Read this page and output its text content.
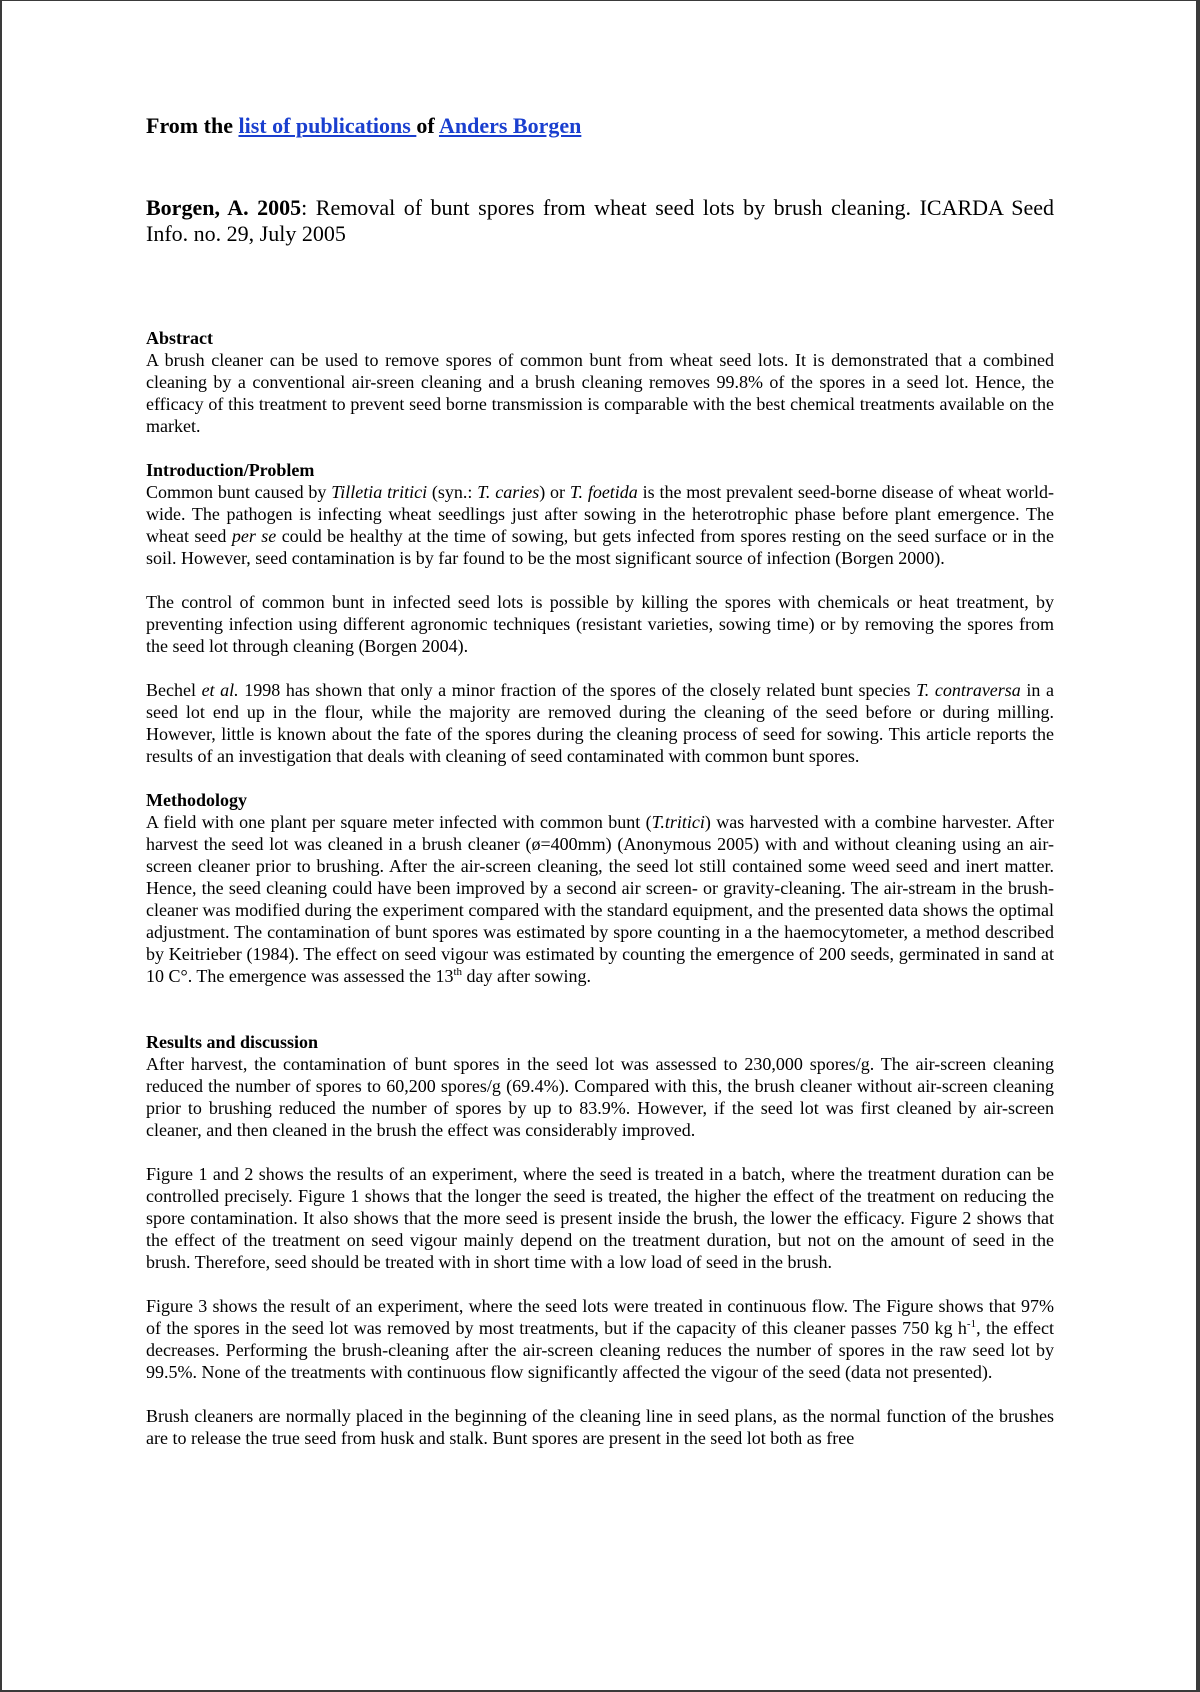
From the list of publications of Anders Borgen

Borgen, A. 2005: Removal of bunt spores from wheat seed lots by brush cleaning. ICARDA Seed Info. no. 29, July 2005

Abstract

A brush cleaner can be used to remove spores of common bunt from wheat seed lots. It is demonstrated that a combined cleaning by a conventional air-sreen cleaning and a brush cleaning removes 99.8% of the spores in a seed lot. Hence, the efficacy of this treatment to prevent seed borne transmission is comparable with the best chemical treatments available on the market.

Introduction/Problem

Common bunt caused by Tilletia tritici (syn.: T. caries) or T. foetida is the most prevalent seed-borne disease of wheat world-wide. The pathogen is infecting wheat seedlings just after sowing in the heterotrophic phase before plant emergence. The wheat seed per se could be healthy at the time of sowing, but gets infected from spores resting on the seed surface or in the soil. However, seed contamination is by far found to be the most significant source of infection (Borgen 2000).

The control of common bunt in infected seed lots is possible by killing the spores with chemicals or heat treatment, by preventing infection using different agronomic techniques (resistant varieties, sowing time) or by removing the spores from the seed lot through cleaning (Borgen 2004).

Bechel et al. 1998 has shown that only a minor fraction of the spores of the closely related bunt species T. contraversa in a seed lot end up in the flour, while the majority are removed during the cleaning of the seed before or during milling. However, little is known about the fate of the spores during the cleaning process of seed for sowing. This article reports the results of an investigation that deals with cleaning of seed contaminated with common bunt spores.

Methodology

A field with one plant per square meter infected with common bunt (T.tritici) was harvested with a combine harvester. After harvest the seed lot was cleaned in a brush cleaner (ø=400mm) (Anonymous 2005) with and without cleaning using an air-screen cleaner prior to brushing. After the air-screen cleaning, the seed lot still contained some weed seed and inert matter. Hence, the seed cleaning could have been improved by a second air screen- or gravity-cleaning. The air-stream in the brush-cleaner was modified during the experiment compared with the standard equipment, and the presented data shows the optimal adjustment. The contamination of bunt spores was estimated by spore counting in a the haemocytometer, a method described by Keitrieber (1984). The effect on seed vigour was estimated by counting the emergence of 200 seeds, germinated in sand at 10 C°. The emergence was assessed the 13th day after sowing.

Results and discussion

After harvest, the contamination of bunt spores in the seed lot was assessed to 230,000 spores/g. The air-screen cleaning reduced the number of spores to 60,200 spores/g (69.4%). Compared with this, the brush cleaner without air-screen cleaning prior to brushing reduced the number of spores by up to 83.9%. However, if the seed lot was first cleaned by air-screen cleaner, and then cleaned in the brush the effect was considerably improved.

Figure 1 and 2 shows the results of an experiment, where the seed is treated in a batch, where the treatment duration can be controlled precisely. Figure 1 shows that the longer the seed is treated, the higher the effect of the treatment on reducing the spore contamination. It also shows that the more seed is present inside the brush, the lower the efficacy. Figure 2 shows that the effect of the treatment on seed vigour mainly depend on the treatment duration, but not on the amount of seed in the brush. Therefore, seed should be treated with in short time with a low load of seed in the brush.

Figure 3 shows the result of an experiment, where the seed lots were treated in continuous flow. The Figure shows that 97% of the spores in the seed lot was removed by most treatments, but if the capacity of this cleaner passes 750 kg $h^{-1}$, the effect decreases. Performing the brush-cleaning after the air-screen cleaning reduces the number of spores in the raw seed lot by 99.5%. None of the treatments with continuous flow significantly affected the vigour of the seed (data not presented).

Brush cleaners are normally placed in the beginning of the cleaning line in seed plans, as the normal function of the brushes are to release the true seed from husk and stalk. Bunt spores are present in the seed lot both as free
